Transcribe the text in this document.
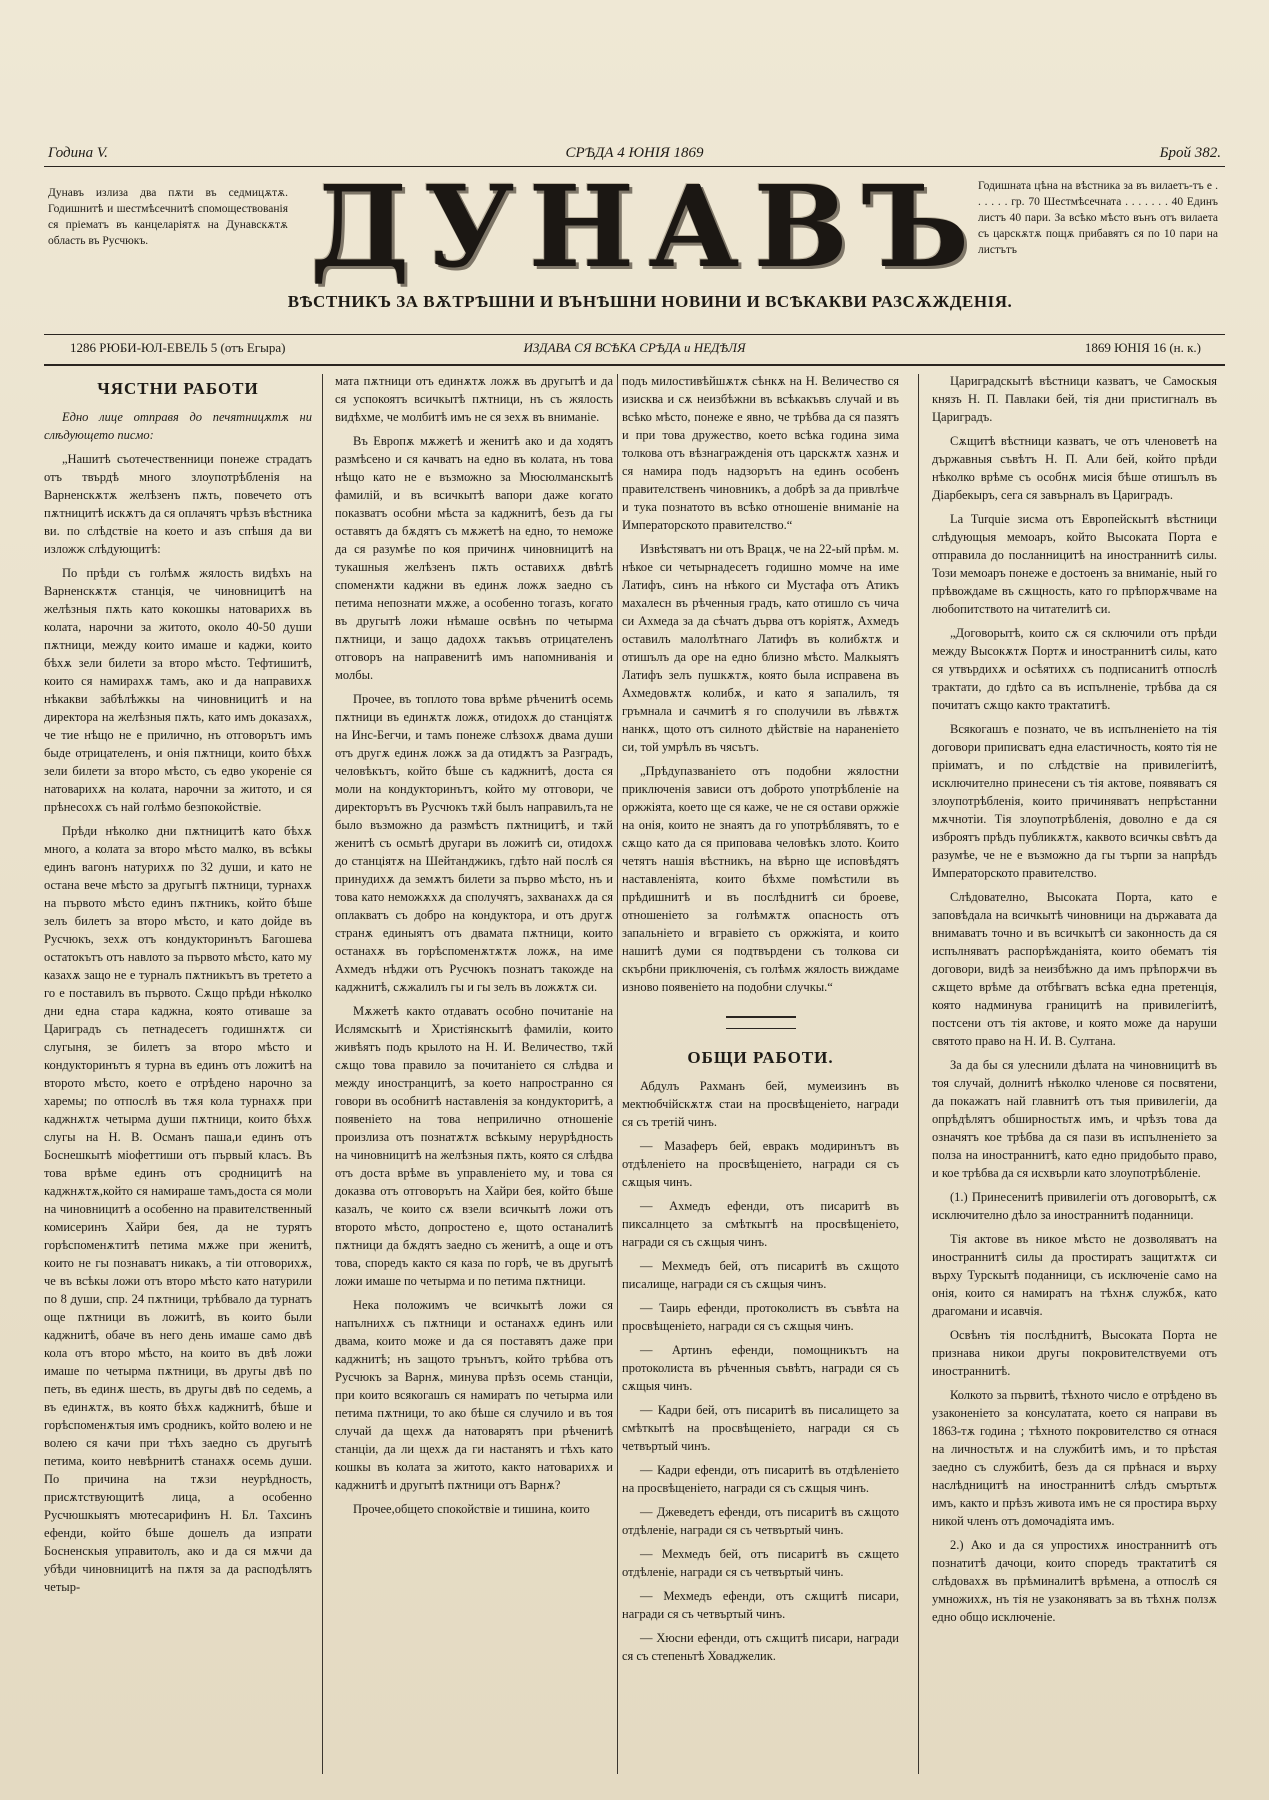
Година V.	СРѢДА 4 ЮНІЯ 1869	Брой 382.
Дунавъ излиза два пѫти въ седмицѫтѫ. Годишнитѣ и шестмѣсечнитѣ спомоществованія ся пріематъ въ канцеларіятѫ на Дунавскѫтѫ область въ Русчюкъ.	ДУНАВЪ
Годишната цѣна на вѣстника за въ вилаетъ-тъ е . . . . . . гр. 70 Шестмѣсечната . . . . . . . 40 Единъ листъ 40 пари. За всѣко мѣсто вънъ отъ вилаета съ царскѫтѫ пощѫ прибавятъ ся по 10 пари на листътъ
ВѢСТНИКЪ ЗА ВѪТРѢШНИ И ВЪНѢШНИ НОВИНИ И ВСѢКАКВИ РАЗСѪЖДЕНІЯ.
1286 РЮБИ-ЮЛ-ЕВЕЛЬ 5 (отъ Егыра)	ИЗДАВА СЯ ВСѢКА СРѢДА и НЕДѢЛЯ	1869 ЮНІЯ 16 (н. к.)
ЧЯСТНИ РАБОТИ

Едно лице отправя до печятницѫтѫ ни слѣдующето писмо:

„Нашитѣ съотечественници понеже страдатъ отъ твърдѣ много злоупотрѣбленія на Варненскѫтѫ желѣзенъ пѫть, повечето отъ пѫтницитѣ искѫтъ да ся оплачятъ чрѣзъ вѣстника ви. по слѣдствіе на което и азъ спѣшя да ви изложж слѣдующитѣ:

По прѣди съ голѣмѫ жялость видѣхъ на Варненскѫтѫ станція, че чиновницитѣ на желѣзныя пѫть като кокошкы натоварихѫ въ колата, нарочни за житото, около 40-50 души пѫтници, между които имаше и каджи, които бѣхѫ зели билети за второ мѣсто. Тефтишитѣ, които ся намирахѫ тамъ, ако и да направихѫ нѣкакви забѣлѣжкы на чиновницитѣ и на директора на желѣзныя пѫть, като имъ доказахѫ, че тие нѣщо не е прилично, нъ отговорътъ имъ быде отрицателенъ, и онія пѫтници, които бѣхѫ зели билети за второ мѣсто, съ едво укореніе ся натоварихѫ на колата, нарочни за житото, и ся прѣнесохѫ съ най голѣмо безпокойствіе.

Прѣди нѣколко дни пѫтницитѣ като бѣхѫ много, а колата за второ мѣсто малко, въ всѣкы единъ вагонъ натурихѫ по 32 души, и като не остана вече мѣсто за другытѣ пѫтници, турнахѫ на първото мѣсто единъ пѫтникъ, който бѣше зелъ билетъ за второ мѣсто, и като дойде въ Русчюкъ, зехѫ отъ кондукторинътъ Багошева остатокътъ отъ навлото за първото мѣсто, като му казахѫ защо не е турналъ пѫтникътъ въ третето а го е поставилъ въ първото. Сѫщо прѣди нѣколко дни една стара каджна, която отиваше за Цариградъ съ петнадесетъ годишнѫтѫ си слугыня, зе билетъ за второ мѣсто и кондукторинътъ я турна въ единъ отъ ложитѣ на второто мѣсто, което е отрѣдено нарочно за харемы; по отпослѣ въ тѫя кола турнахѫ при каджнѫтѫ четырма души пѫтници, които бѣхѫ слугы на Н. В. Османъ паша,и единъ отъ Боснешкытѣ міофеттиши отъ първый класъ. Въ това врѣме единъ отъ сродницитѣ на каджнѫтѫ,който ся намираше тамъ,доста ся моли на чиновницитѣ а особенно на правителственный комисеринъ Хайри бея, да не турятъ горѣспоменѫтитѣ петима мѫже при женитѣ, които не гы познаватъ никакъ, а тіи отговорихѫ, че въ всѣкы ложи отъ второ мѣсто като натурили по 8 души, спр. 24 пѫтници, трѣбвало да турнатъ още пѫтници въ ложитѣ, въ които были каджнитѣ, обаче въ него день имаше само двѣ кола отъ второ мѣсто, на които въ двѣ ложи имаше по четырма пѫтници, въ другы двѣ по петь, въ единѫ шесть, въ другы двѣ по седемь, а въ единѫтѫ, въ която бѣхѫ каджнитѣ, бѣше и горѣспоменѫтыя имъ сродникъ, който волею и не волею ся качи при тѣхъ заедно съ другытѣ петима, които невѣрнитѣ станахѫ осемь души. По причина на тѫзи неурѣдность, присѫтствующитѣ лица, а особенно Русчюшкыятъ мютесарифинъ Н. Бл. Тахсинъ ефенди, който бѣше дошелъ да изпрати Босненскыя управитолъ, ако и да ся мѫчи да убѣди чиновницитѣ на пѫтя за да расподѣлятъ четыр-

мата пѫтници отъ единѫтѫ ложѫ въ другытѣ и да ся успокоятъ всичкытѣ пѫтници, нъ съ жялость видѣхме, че молбитѣ имъ не ся зехѫ въ вниманіе.

Въ Европѫ мѫжетѣ и женитѣ ако и да ходятъ размѣсено и ся качватъ на едно въ колата, нъ това нѣщо като не е възможно за Мюсюлманскытѣ фамилій, и въ всичкытѣ вапори даже когато показватъ особни мѣста за каджнитѣ, безъ да гы оставятъ да бѫдятъ съ мѫжетѣ на едно, то неможе да ся разумѣе по коя причинѫ чиновницитѣ на тукашныя желѣзенъ пѫть оставихѫ двѣтѣ споменѫти каджни въ единѫ ложѫ заедно съ петима непознати мѫже, а особенно тогазъ, когато въ другытѣ ложи нѣмаше освѣнъ по четырма пѫтници, и защо дадохѫ такъвъ отрицателенъ отговоръ на направенитѣ имъ напомниванія и молбы.

Прочее, въ топлото това врѣме рѣченитѣ осемь пѫтници въ единѫтѫ ложѫ, отидохѫ до станціятѫ на Инс-Бегчи, и тамъ понеже слѣзохѫ двама души отъ другѫ единѫ ложѫ за да отидѫтъ за Разградъ, человѣкътъ, който бѣше съ каджнитѣ, доста ся моли на кондукторинътъ, който му отговори, че директорътъ въ Русчюкъ тѫй былъ направилъ,та не было възможно да размѣстъ пѫтницитѣ, и тѫй женитѣ съ осмьтѣ другари въ ложитѣ си, отидохѫ до станціятѫ на Шейтанджикъ, гдѣто най послѣ ся принудихѫ да земѫтъ билети за първо мѣсто, нъ и това като неможѫхѫ да сполучятъ, захванахѫ да ся оплакватъ съ добро на кондуктора, и отъ другѫ странѫ единыятъ отъ двамата пѫтници, които останахѫ въ горѣспоменѫтѫтѫ ложѫ, на име Ахмедъ нѣджи отъ Русчюкъ познатъ такожде на каджнитѣ, сѫжалилъ гы и гы зелъ въ ложѫтѫ си.

Мѫжетѣ както отдаватъ особно почитаніе на Ислямскытѣ и Христіянскытѣ фамиліи, които живѣятъ подъ крылото на Н. И. Величество, тѫй сѫщо това правило за почитаніето ся слѣдва и между иностранцитѣ, за което напространно ся говори въ особнитѣ наставленія за кондукторитѣ, а появеніето на това неприлично отношеніе произлиза отъ познатѫтѫ всѣкыму нерурѣдность на чиновницитѣ на желѣзныя пѫть, която ся слѣдва отъ доста врѣме въ управленіето му, и това ся доказва отъ отговорътъ на Хайри бея, който бѣше казалъ, че които сѫ взели всичкытѣ ложи отъ второто мѣсто, допростено е, щото останалитѣ пѫтници да бѫдятъ заедно съ женитѣ, а още и отъ това, споредъ както ся каза по горѣ, че въ другытѣ ложи имаше по четырма и по петима пѫтници.

Нека положимъ че всичкытѣ ложи ся напълнихѫ съ пѫтници и останахѫ единъ или двама, които може и да ся поставятъ даже при каджнитѣ; нъ защото трънътъ, който трѣбва отъ Русчюкъ за Варнѫ, минува прѣзъ осемь станціи, при които всякогашъ ся намиратъ по четырма или петима пѫтници, то ако бѣше ся случило и въ тоя случай да щехѫ да натоварятъ при рѣченитѣ станціи, да ли щехѫ да ги настанятъ и тѣхъ като кошкы въ колата за житото, както натоварихѫ и каджнитѣ и другытѣ пѫтници отъ Варнѫ?

Прочее,общето спокойствіе и тишина, които

подъ милостивѣйшѫтѫ сѣнкѫ на Н. Величество ся изисква и сѫ неизбѣжни въ всѣкакъвъ случай и въ всѣко мѣсто, понеже е явно, че трѣбва да ся пазятъ и при това дружество, което всѣка година зима толкова отъ вѣзнагражденія отъ царскѫтѫ хазнѫ и ся намира подъ надзорътъ на единъ особенъ правителственъ чиновникъ, а добрѣ за да привлѣче и тука познатото въ всѣко отношеніе вниманіе на Императорското правителство.“

Извѣстяватъ ни отъ Врацѫ, че на 22-ый прѣм. м. нѣкое си четырнадесетъ годишно момче на име Латифъ, синъ на нѣкого си Мустафа отъ Атикъ махалесн въ рѣченныя градъ, като отишло съ чича си Ахмеда за да сѣчатъ дърва отъ коріятѫ, Ахмедъ оставилъ малолѣтнаго Латифъ въ колибѫтѫ и отишълъ да оре на едно близно мѣсто. Малкыятъ Латифъ зелъ пушкѫтѫ, която была исправена въ Ахмедовѫтѫ колибѫ, и като я запалилъ, тя гръмнала и сачмитѣ я го сполучили въ лѣвѫтѫ нанкѫ, щото отъ силното дѣйствіе на нараненіето си, той умрѣлъ въ чясътъ.

„Прѣдупазваніето отъ подобни жялостни приключенія зависи отъ доброто употрѣбленіе на оржжіята, което ще ся каже, че не ся остави оржжіе на онія, които не знаятъ да го употрѣблявятъ, то е сѫщо като да ся приповава человѣкъ злото. Които четятъ нашія вѣстникъ, на вѣрно ще исповѣдятъ наставленіята, които бѣхме помѣстили въ прѣдишнитѣ и въ послѣднитѣ си броеве, отношеніето за голѣмѫтѫ опасность отъ запальніето и вгравіето съ оржжіята, и които нашитѣ думи ся подтвърдени съ толкова си скърбни приключенія, съ голѣмѫ жялость виждаме изново появеніето на подобни случкы.“

ОБЩИ РАБОТИ.

Абдулъ Рахманъ бей, мумеизинъ въ мектюбчійскѫтѫ стаи на просвѣщеніето, награди ся съ третій чинъ.

— Мазаферъ бей, евракъ модиринътъ въ отдѣленіето на просвѣщеніето, награди ся съ сѫщыя чинъ.

— Ахмедъ ефенди, отъ писаритѣ въ пиксалнцето за смѣткытѣ на просвѣщеніето, награди ся съ сѫщыя чинъ.

— Мехмедъ бей, отъ писаритѣ въ сѫщото писалище, награди ся съ сѫщыя чинъ.

— Таирь ефенди, протоколистъ въ съвѣта на просвѣщеніето, награди ся съ сѫщыя чинъ.

— Артинъ ефенди, помощникътъ на протоколиста въ рѣченныя съвѣтъ, награди ся съ сѫщыя чинъ.

— Кадри бей, отъ писаритѣ въ писалището за смѣткытѣ на просвѣщеніето, награди ся съ четвъртый чинъ.

— Кадри ефенди, отъ писаритѣ въ отдѣленіето на просвѣщеніето, награди ся съ сѫщыя чинъ.

— Джеведетъ ефенди, отъ писаритѣ въ сѫщото отдѣленіе, награди ся съ четвъртый чинъ.

— Мехмедъ бей, отъ писаритѣ въ сѫщето отдѣленіе, награди ся съ четвъртый чинъ.

— Мехмедъ ефенди, отъ сѫщитѣ писари, награди ся съ четвъртый чинъ.

— Хюсни ефенди, отъ сѫщитѣ писари, награди ся съ степеньтѣ Ховаджелик.

Цариградскытѣ вѣстници казватъ, че Самоскыя князъ Н. П. Павлаки бей, тія дни пристигналъ въ Цариградъ.

Сѫщитѣ вѣстници казватъ, че отъ членоветѣ на държавныя съвѣтъ Н. П. Али бей, който прѣди нѣколко врѣме съ особнѫ мисія бѣше отишълъ въ Діарбекыръ, сега ся завърналъ въ Цариградъ.

La Turquie зисма отъ Европейскытѣ вѣстници слѣдующыя мемоаръ, който Высоката Порта е отправила до посланницитѣ на иностраннитѣ силы. Този мемоаръ понеже е достоенъ за вниманіе, ный го прѣвождаме въ сѫщность, като го прѣпорѫчваме на любопитството на читателитѣ си.

„Договорытѣ, които сѫ ся сключили отъ прѣди между Высокѫтѫ Портѫ и иностраннитѣ силы, като ся утвърдихѫ и осѣятихѫ съ подписанитѣ отпослѣ трактати, до гдѣто са въ испълненіе, трѣбва да ся почитатъ сѫщо както трактатитѣ.

Всякогашъ е познато, че въ испълненіето на тія договори приписватъ една еластичность, която тія не пріиматъ, и по слѣдствіе на привилегіитѣ, исключително принесени съ тія актове, появяватъ ся злоупотрѣбленія, които причиняватъ непрѣстанни мѫчнотіи. Тія злоупотрѣбленія, доволно е да ся изброятъ прѣдъ публикѫтѫ, каквото всичкы свѣтъ да разумѣе, че не е възможно да гы търпи за напрѣдъ Императорското правителство.

Слѣдователно, Высоката Порта, като е заповѣдала на всичкытѣ чиновници на държавата да внимаватъ точно и въ всичкытѣ си законность да ся испълняватъ распорѣжданіята, които обематъ тія договори, видѣ за неизбѣжно да имъ прѣпорѫчи въ сѫщето врѣме да отбѣгватъ всѣка една претенція, която надминува границитѣ на привилегіитѣ, постсени отъ тія актове, и която може да наруши святото право на Н. И. В. Султана.

За да бы ся улеснили дѣлата на чиновницитѣ въ тоя случай, долнитѣ нѣколко членове ся посвятени, да покажатъ най главнитѣ отъ тыя привилегіи, да опрѣдѣлятъ обширностьтѫ имъ, и чрѣзъ това да означятъ кое трѣбва да ся пази въ испълненіето за полза на иностраннитѣ, като едно придобыто право, и кое трѣбва да ся исхвърли като злоупотрѣбленіе.

(1.) Принесенитѣ привилегіи отъ договорытѣ, сѫ исключително дѣло за иностраннитѣ поданници.

Тія актове въ никое мѣсто не дозволяватъ на иностраннитѣ силы да простиратъ защитѫтѫ си върху Турскытѣ поданници, съ исключеніе само на онія, които ся намиратъ на тѣхнѫ службѫ, като драгомани и исавчія.

Освѣнъ тія послѣднитѣ, Высоката Порта не признава никои другы покровителствуеми отъ иностраннитѣ.

Колкото за първитѣ, тѣхното число е отрѣдено въ узаконеніето за консулатата, което ся направи въ 1863-тѫ година ; тѣхното покровителство ся отнася на личностьтѫ и на службитѣ имъ, и то прѣстая заедно съ службитѣ, безъ да ся прѣнася и върху наслѣдницитѣ на иностраннитѣ слѣдъ смъртьтѫ имъ, както и прѣзъ живота имъ не ся простира върху никой членъ отъ домочадіята имъ.

2.) Ако и да ся упростихѫ иностраннитѣ отъ познатитѣ дачоци, които споредъ трактатитѣ ся слѣдовахѫ въ прѣминалитѣ врѣмена, а отпослѣ ся умножихѫ, нъ тія не узаконяватъ за въ тѣхнѫ ползѫ едно общо исключеніе.
